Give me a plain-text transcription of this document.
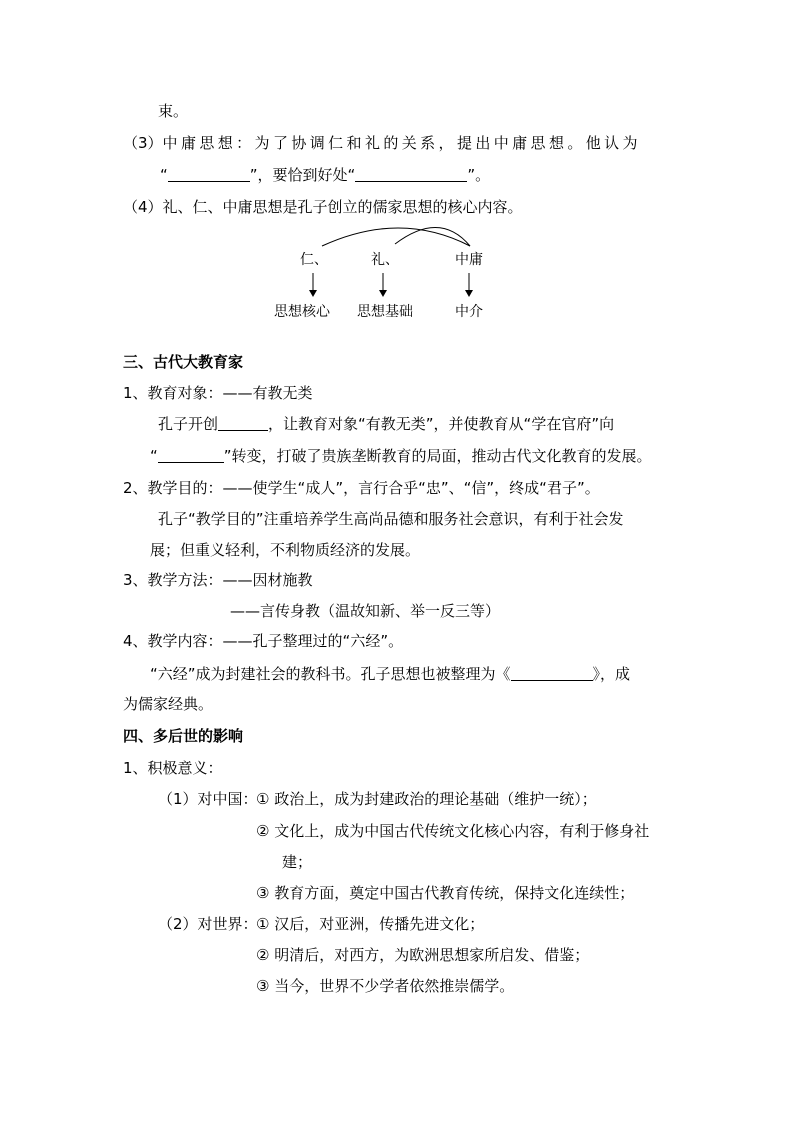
束。
（3）中庸思想：为了协调仁和礼的关系，提出中庸思想。他认为
“	”，要恰到好处“	”。
（4）礼、仁、中庸思想是孔子创立的儒家思想的核心内容。
仁、	礼、	中庸
思想核心 思想基础	中介
三、古代大教育家
1、教育对象：——有教无类
孔子开创	，让教育对象“有教无类”，并使教育从“学在官府”向
“	”转变，打破了贵族垄断教育的局面，推动古代文化教育的发展。
2、教学目的：——使学生“成人”，言行合乎“忠”、“信”，终成“君子”。
孔子“教学目的”注重培养学生高尚品德和服务社会意识，有利于社会发
展；但重义轻利，不利物质经济的发展。
3、教学方法：——因材施教
——言传身教（温故知新、举一反三等）
4、教学内容：——孔子整理过的“六经”。
“六经”成为封建社会的教科书。孔子思想也被整理为《	》，成
为儒家经典。
四、多后世的影响
1、积极意义：
（1）对中国：
① 政治上，成为封建政治的理论基础（维护一统）；
② 文化上，成为中国古代传统文化核心内容，有利于修身社
建；
③ 教育方面，奠定中国古代教育传统，保持文化连续性；
（2）对世界：
① 汉后，对亚洲，传播先进文化；
② 明清后，对西方，为欧洲思想家所启发、借鉴；
③ 当今，世界不少学者依然推崇儒学。
